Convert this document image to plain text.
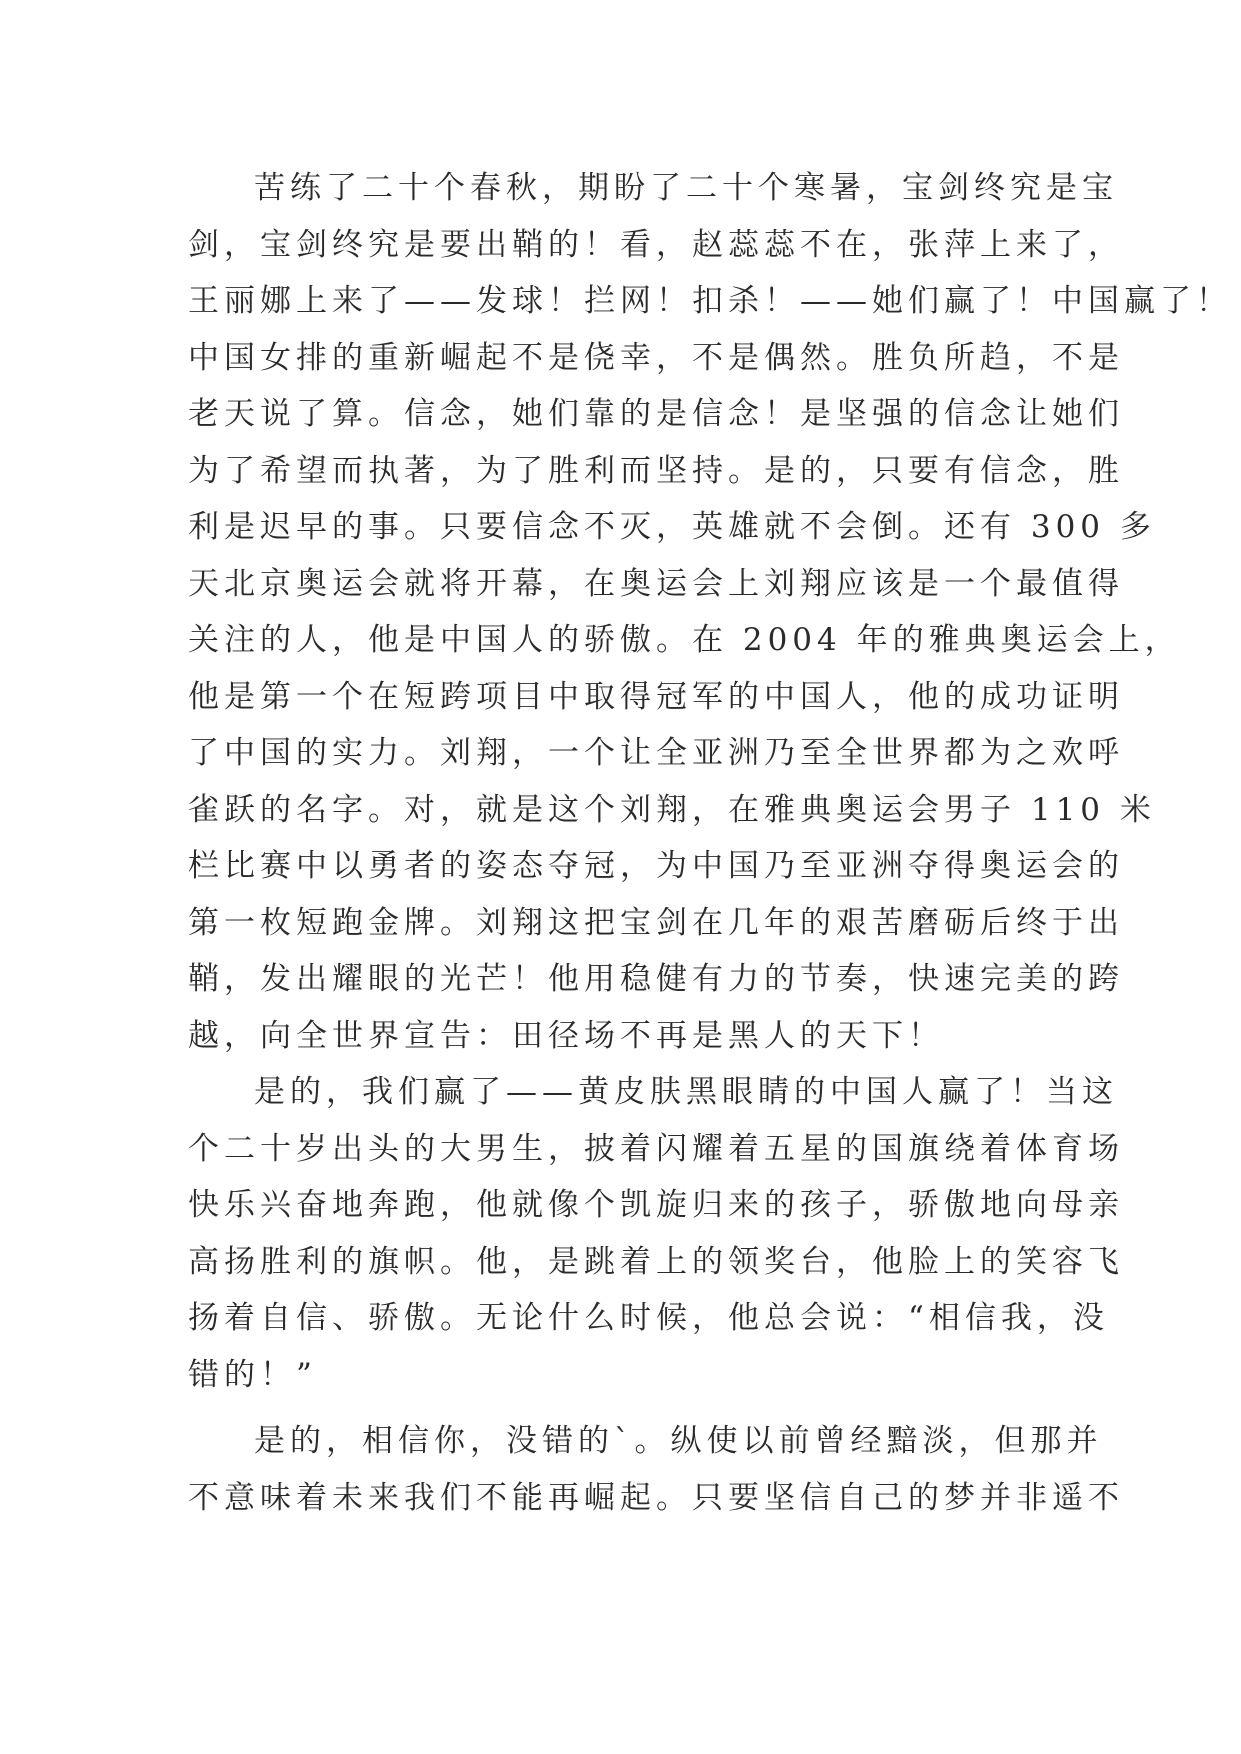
苦练了二十个春秋，期盼了二十个寒暑，宝剑终究是宝
剑，宝剑终究是要出鞘的！看，赵蕊蕊不在，张萍上来了，
王丽娜上来了——发球！拦网！扣杀！——她们赢了！中国赢了！
中国女排的重新崛起不是侥幸，不是偶然。胜负所趋，不是
老天说了算。信念，她们靠的是信念！是坚强的信念让她们
为了希望而执著，为了胜利而坚持。是的，只要有信念，胜
利是迟早的事。只要信念不灭，英雄就不会倒。还有 300 多
天北京奥运会就将开幕，在奥运会上刘翔应该是一个最值得
关注的人，他是中国人的骄傲。在 2004 年的雅典奥运会上，
他是第一个在短跨项目中取得冠军的中国人，他的成功证明
了中国的实力。刘翔，一个让全亚洲乃至全世界都为之欢呼
雀跃的名字。对，就是这个刘翔，在雅典奥运会男子 110 米
栏比赛中以勇者的姿态夺冠，为中国乃至亚洲夺得奥运会的
第一枚短跑金牌。刘翔这把宝剑在几年的艰苦磨砺后终于出
鞘，发出耀眼的光芒！他用稳健有力的节奏，快速完美的跨
越，向全世界宣告：田径场不再是黑人的天下！
是的，我们赢了——黄皮肤黑眼睛的中国人赢了！当这
个二十岁出头的大男生，披着闪耀着五星的国旗绕着体育场
快乐兴奋地奔跑，他就像个凯旋归来的孩子，骄傲地向母亲
高扬胜利的旗帜。他，是跳着上的领奖台，他脸上的笑容飞
扬着自信、骄傲。无论什么时候，他总会说：“相信我，没
错的！”
是的，相信你，没错的`。纵使以前曾经黯淡，但那并
不意味着未来我们不能再崛起。只要坚信自己的梦并非遥不
